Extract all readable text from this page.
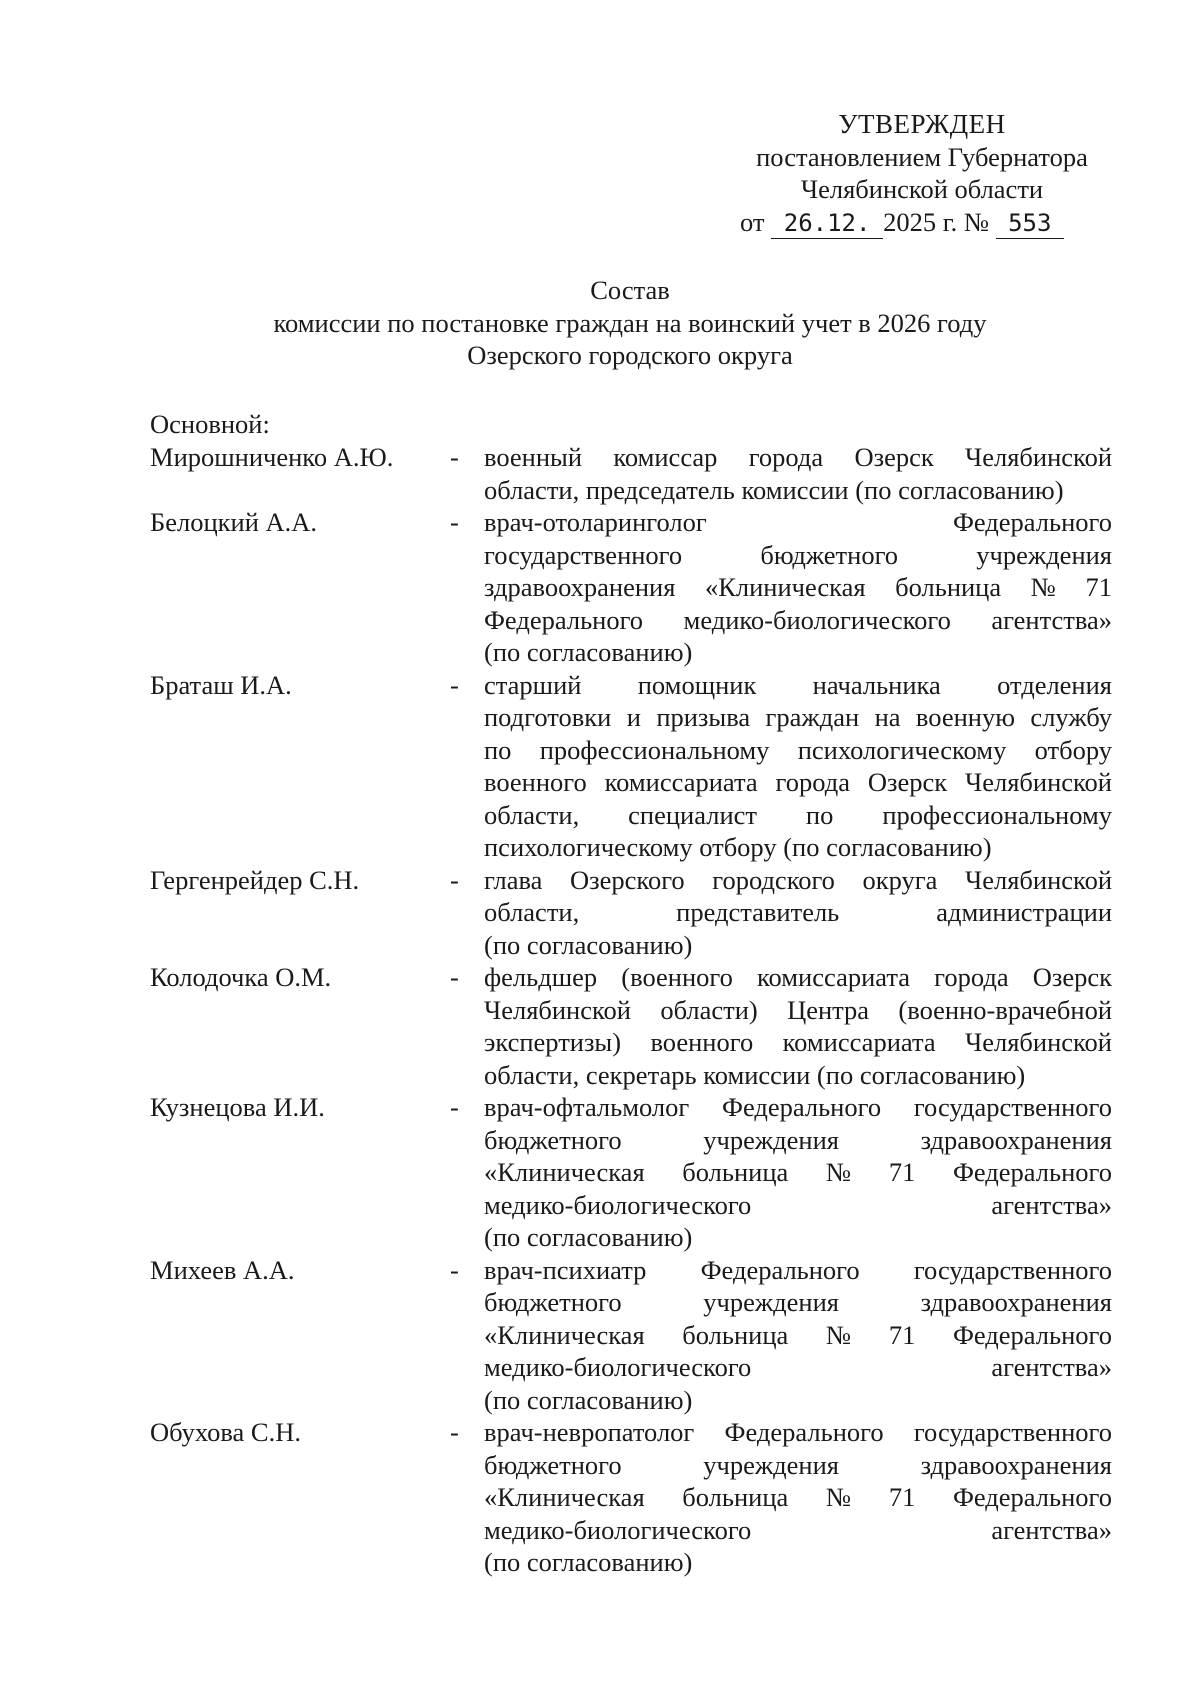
УТВЕРЖДЕН
постановлением Губернатора
Челябинской области
от 26.12. 2025 г. № 553
Состав
комиссии по постановке граждан на воинский учет в 2026 году
Озерского городского округа
Основной:
Мирошниченко А.Ю.	- военный комиссар города Озерск Челябинской
области, председатель комиссии (по согласованию)
Белоцкий А.А.	- врач-отоларинголог Федерального
государственного бюджетного учреждения
здравоохранения «Клиническая больница № 71
Федерального медико-биологического агентства»
(по согласованию)
Браташ И.А.	- старший помощник начальника отделения
подготовки и призыва граждан на военную службу
по профессиональному психологическому отбору
военного комиссариата города Озерск Челябинской
области, специалист по профессиональному
психологическому отбору (по согласованию)
Гергенрейдер С.Н.	- глава Озерского городского округа Челябинской
области, представитель администрации
(по согласованию)
Колодочка О.М.	- фельдшер (военного комиссариата города Озерск
Челябинской области) Центра (военно-врачебной
экспертизы) военного комиссариата Челябинской
области, секретарь комиссии (по согласованию)
Кузнецова И.И.	- врач-офтальмолог Федерального государственного
бюджетного учреждения здравоохранения
«Клиническая больница № 71 Федерального
медико-биологического агентства»
(по согласованию)
Михеев А.А.	- врач-психиатр Федерального государственного
бюджетного учреждения здравоохранения
«Клиническая больница № 71 Федерального
медико-биологического агентства»
(по согласованию)
Обухова С.Н.	- врач-невропатолог Федерального государственного
бюджетного учреждения здравоохранения
«Клиническая больница № 71 Федерального
медико-биологического агентства»
(по согласованию)
